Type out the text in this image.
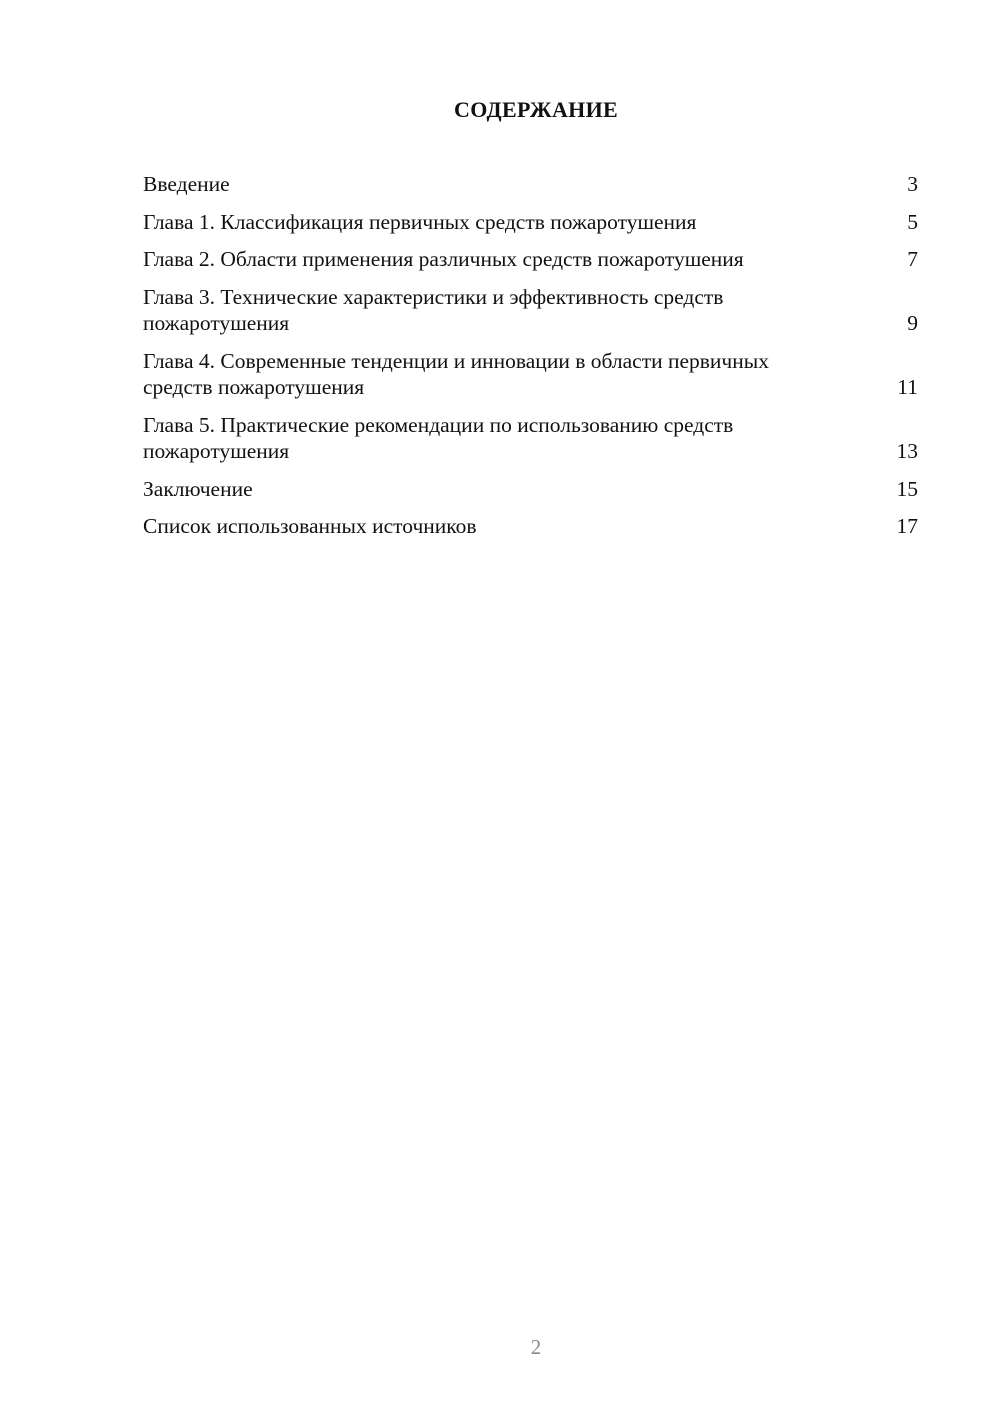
СОДЕРЖАНИЕ
Введение	3
Глава 1. Классификация первичных средств пожаротушения	5
Глава 2. Области применения различных средств пожаротушения	7
Глава 3. Технические характеристики и эффективность средств пожаротушения	9
Глава 4. Современные тенденции и инновации в области первичных средств пожаротушения	11
Глава 5. Практические рекомендации по использованию средств пожаротушения	13
Заключение	15
Список использованных источников	17
2
